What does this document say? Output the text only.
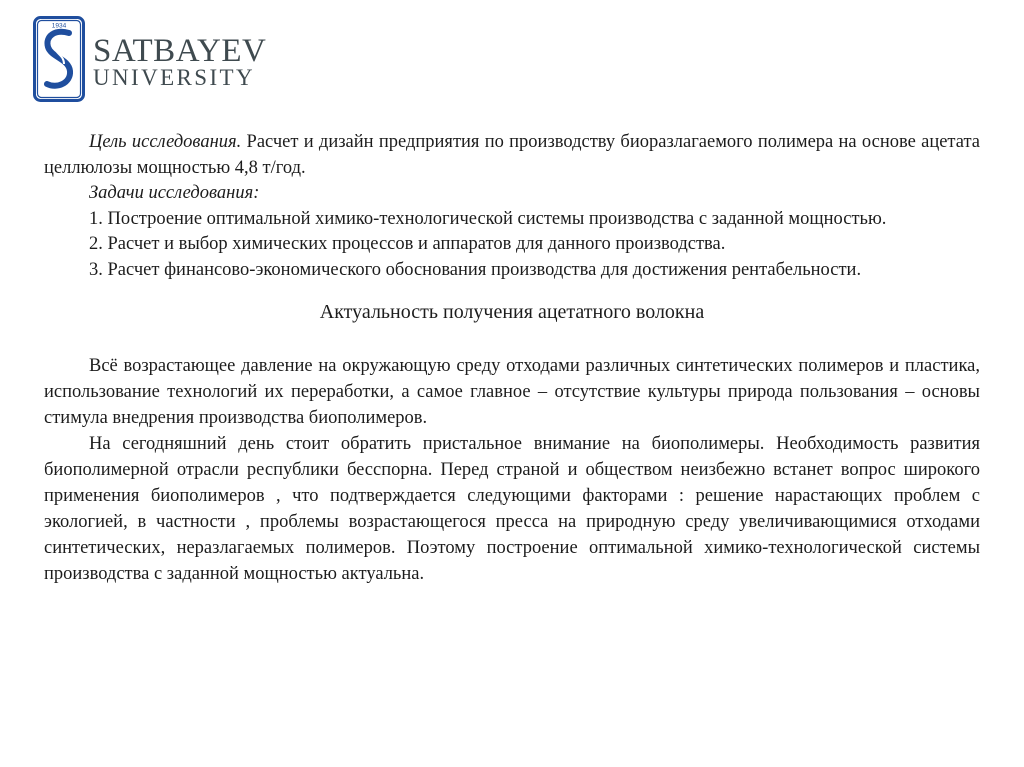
1934
SATBAYEV
UNIVERSITY

Цель исследования. Расчет и дизайн предприятия по производству биоразлагаемого полимера на основе ацетата целлюлозы мощностью 4,8 т/год.

Задачи исследования:

1. Построение оптимальной химико-технологической системы производства с заданной мощностью.

2. Расчет и выбор химических процессов и аппаратов для данного производства.

3. Расчет финансово-экономического обоснования производства для достижения рентабельности.

Актуальность получения ацетатного волокна

Всё возрастающее давление на окружающую среду отходами различных синтетических полимеров и пластика, использование технологий их переработки, а самое главное – отсутствие культуры природа пользования – основы стимула внедрения производства биополимеров.

На сегодняшний день стоит обратить пристальное внимание на биополимеры. Необходимость развития биополимерной отрасли республики бесспорна. Перед страной и обществом неизбежно встанет вопрос широкого применения биополимеров , что подтверждается следующими факторами : решение нарастающих проблем с экологией, в частности , проблемы возрастающегося пресса на природную среду увеличивающимися отходами синтетических, неразлагаемых полимеров. Поэтому построение оптимальной химико-технологической системы производства с заданной мощностью актуальна.
